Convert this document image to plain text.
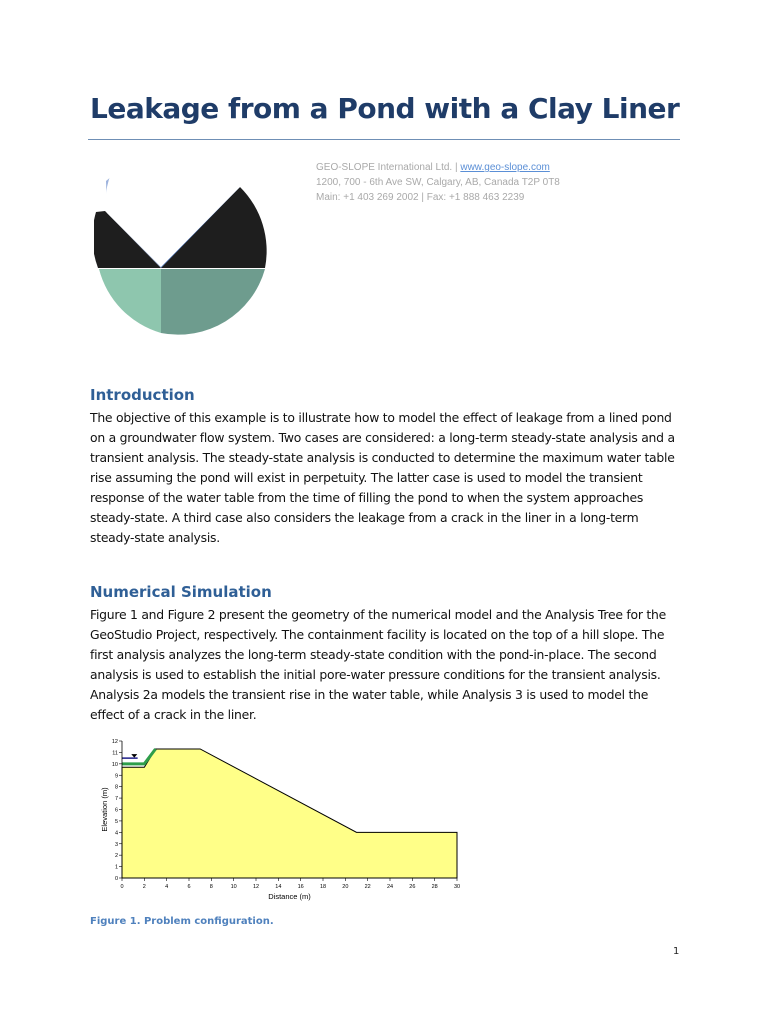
Leakage from a Pond with a Clay Liner
GEO-SLOPE International Ltd. | www.geo-slope.com
1200, 700 - 6th Ave SW, Calgary, AB, Canada T2P 0T8
Main: +1 403 269 2002 | Fax: +1 888 463 2239
Introduction

The objective of this example is to illustrate how to model the effect of leakage from a lined pond on a groundwater flow system. Two cases are considered: a long-term steady-state analysis and a transient analysis. The steady-state analysis is conducted to determine the maximum water table rise assuming the pond will exist in perpetuity. The latter case is used to model the transient response of the water table from the time of filling the pond to when the system approaches steady-state. A third case also considers the leakage from a crack in the liner in a long-term steady-state analysis.

Numerical Simulation

Figure 1 and Figure 2 present the geometry of the numerical model and the Analysis Tree for the GeoStudio Project, respectively. The containment facility is located on the top of a hill slope. The first analysis analyzes the long-term steady-state condition with the pond-in-place. The second analysis is used to establish the initial pore-water pressure conditions for the transient analysis. Analysis 2a models the transient rise in the water table, while Analysis 3 is used to model the effect of a crack in the liner.

0	2	4	6	8	10	12	14	16	18	20	22	24	26	28	30
0
1
2
3
4
5
6
7
8
9
10
11
12
Distance (m)
Elevation (m)
Figure 1. Problem configuration.
1
